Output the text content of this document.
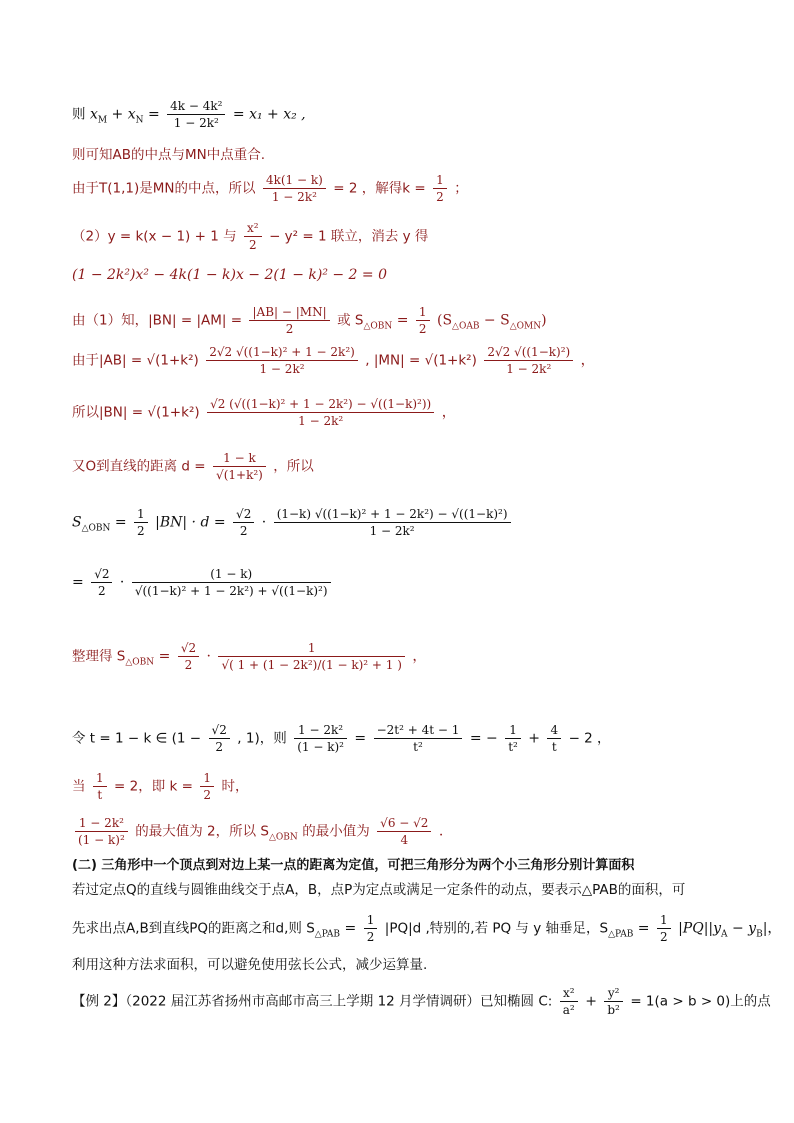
则 $x_M + x_N = \frac{\text{4k − 4k²}}{\text{1 − 2k²}} = x_1 + x_2$ ,
则可知AB的中点与MN中点重合.
由于T(1,1)是MN的中点，所以 $\frac{4k(1 - k)}{\text{1 − 2k²}} = 2$ ，解得$k = \frac{1}{2}$ ；
（2）y = k(x − 1) + 1 与 $\frac{\text{x²}}{2} - y^2 = 1$ 联立，消去 y 得
(1 − 2k²)x² − 4k(1 − k)x − 2(1 − k)² − 2 = 0
由（1）知，$|BN| = |AM| = \frac{|AB| - |MN|}{2}$ 或 $S_{\triangle OBN} = \frac{1}{2} (S_{\triangle OAB} - S_{\triangle OMN})$
由于$|AB| = √(1+k^2) \frac{\text{2√2 √((1−k)² + 1 − 2k²)}}{\text{1 − 2k²}}$ , $|MN| = √(1+k^2) \frac{\text{2√2 √((1−k)²)}}{\text{1 − 2k²}}$ ，
所以$|BN| = √(1+k^2) \frac{\text{√2 (√((1−k)² + 1 − 2k²) − √((1−k)²))}}{\text{1 − 2k²}}$ ，
又O到直线的距离 $d = \frac{1 - k}{\text{√(1+k²)}}$ ，所以
$S_{\triangle OBN} = \frac{1}{2} |BN| \cdot d = \frac{√2}{2} \cdot \frac{\text{(1−k) √((1−k)² + 1 − 2k²) − √((1−k)²)}}{\text{1 − 2k²}}$
= $\frac{√2}{2} \cdot \frac{(1 - k)}{\text{√((1−k)² + 1 − 2k²) + √((1−k)²)}}$
整理得 $S_{\triangle OBN} = \frac{√2}{2} \cdot \frac{1}{\text{√( 1 + (1 − 2k²)/(1 − k)² + 1 )}}$ ，
令 t = 1 − k ∈ ($1 - \frac{√2}{2}$ , 1)，则 $\frac{\text{1 − 2k²}}{\text{(1 − k)²}} = \frac{\text{−2t² + 4t − 1}}{\text{t²}}$ = − $\frac{1}{\text{t²}} + \frac{4}{t} - 2$ ，
当 $\frac{1}{t} = 2$，即 $k = \frac{1}{2}$ 时，
$\frac{\text{1 − 2k²}}{\text{(1 − k)²}}$ 的最大值为 2，所以 $S_{\triangle OBN}$ 的最小值为 $\frac{√6 - √2}{4}$ .
(二) 三角形中一个顶点到对边上某一点的距离为定值，可把三角形分为两个小三角形分别计算面积
若过定点Q的直线与圆锥曲线交于点A，B，点P为定点或满足一定条件的动点，要表示△PAB的面积，可
先求出点A,B到直线PQ的距离之和d,则 $S_{\triangle PAB} = \frac{1}{2} |PQ|d$ ,特别的,若 PQ 与 y 轴垂足，$S_{\triangle PAB} = \frac{1}{2} |PQ||y_A - y_B|$，
利用这种方法求面积，可以避免使用弦长公式，减少运算量.
【例 2】（2022 届江苏省扬州市高邮市高三上学期 12 月学情调研）已知椭圆 C: $\frac{\text{x²}}{\text{a²}} + \frac{\text{y²}}{\text{b²}} = 1(a > b > 0)$上的点
